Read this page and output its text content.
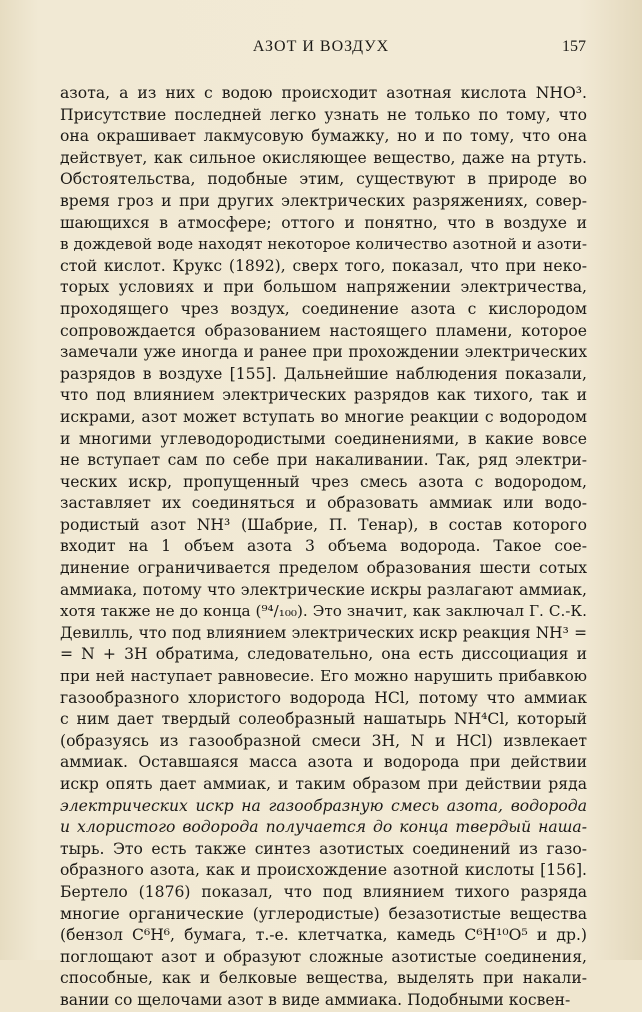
АЗОТ И ВОЗДУХ	157
азота, а из них с водою происходит азотная кислота NHO³.
Присутствие последней легко узнать не только по тому, что
она окрашивает лакмусовую бумажку, но и по тому, что она
действует, как сильное окисляющее вещество, даже на ртуть.
Обстоятельства, подобные этим, существуют в природе во
время гроз и при других электрических разряжениях, совер-
шающихся в атмосфере; оттого и понятно, что в воздухе и
в дождевой воде находят некоторое количество азотной и азоти-
стой кислот. Крукс (1892), сверх того, показал, что при неко-
торых условиях и при большом напряжении электричества,
проходящего чрез воздух, соединение азота с кислородом
сопровождается образованием настоящего пламени, которое
замечали уже иногда и ранее при прохождении электрических
разрядов в воздухе [155]. Дальнейшие наблюдения показали,
что под влиянием электрических разрядов как тихого, так и
искрами, азот может вступать во многие реакции с водородом
и многими углеводородистыми соединениями, в какие вовсе
не вступает сам по себе при накаливании. Так, ряд электри-
ческих искр, пропущенный чрез смесь азота с водородом,
заставляет их соединяться и образовать аммиак или водо-
родистый азот NH³ (Шабрие, П. Тенар), в состав которого
входит на 1 объем азота 3 объема водорода. Такое сое-
динение ограничивается пределом образования шести сотых
аммиака, потому что электрические искры разлагают аммиак,
хотя также не до конца (⁹⁴/₁₀₀). Это значит, как заключал Г. С.-К.
Девилль, что под влиянием электрических искр реакция NH³ =
= N + 3H обратима, следовательно, она есть диссоциация и
при ней наступает равновесие. Его можно нарушить прибавкою
газообразного хлористого водорода HCl, потому что аммиак
с ним дает твердый солеобразный нашатырь NH⁴Cl, который
(образуясь из газообразной смеси 3H, N и HCl) извлекает
аммиак. Оставшаяся масса азота и водорода при действии
искр опять дает аммиак, и таким образом при действии ряда
электрических искр на газообразную смесь азота, водорода
и хлористого водорода получается до конца твердый наша-
тырь. Это есть также синтез азотистых соединений из газо-
образного азота, как и происхождение азотной кислоты [156].
Бертело (1876) показал, что под влиянием тихого разряда
многие органические (углеродистые) безазотистые вещества
(бензол C⁶H⁶, бумага, т.-е. клетчатка, камедь C⁶H¹⁰O⁵ и др.)
поглощают азот и образуют сложные азотистые соединения,
способные, как и белковые вещества, выделять при накали-
вании со щелочами азот в виде аммиака. Подобными косвен-
